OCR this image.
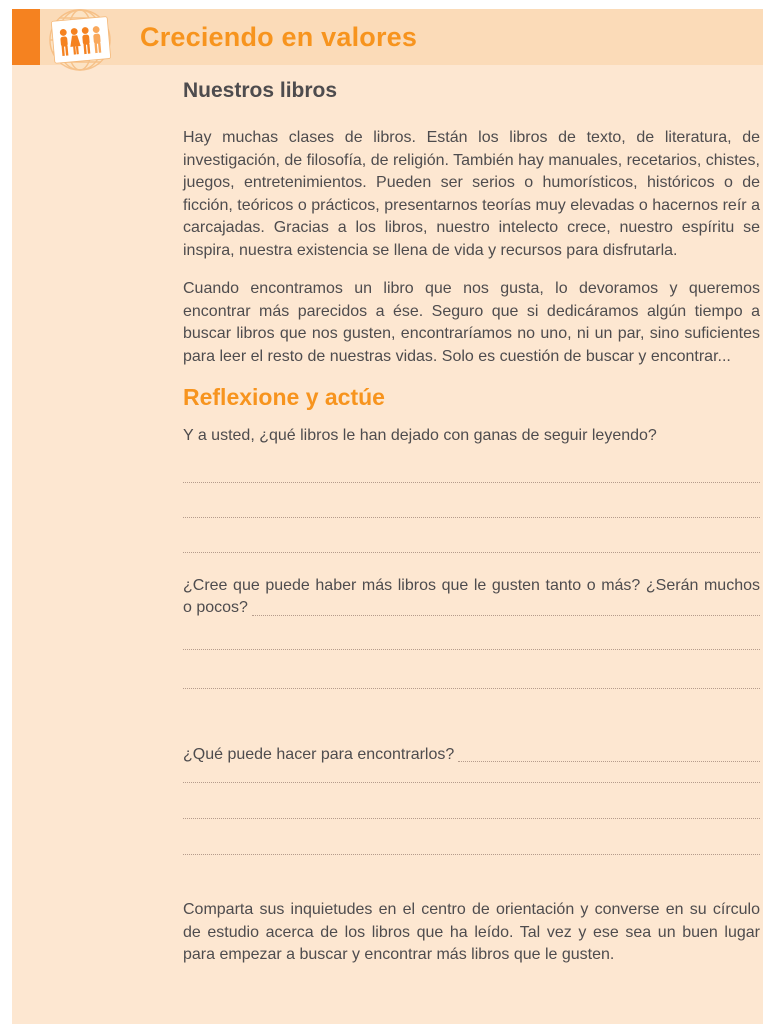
Creciendo en valores
Nuestros libros

Hay muchas clases de libros. Están los libros de texto, de literatura, de investigación, de filosofía, de religión. También hay manuales, recetarios, chistes, juegos, entretenimientos. Pueden ser serios o humorísticos, históricos o de ficción, teóricos o prácticos, presentarnos teorías muy elevadas o hacernos reír a carcajadas. Gracias a los libros, nuestro intelecto crece, nuestro espíritu se inspira, nuestra existencia se llena de vida y recursos para disfrutarla.

Cuando encontramos un libro que nos gusta, lo devoramos y queremos encontrar más parecidos a ése. Seguro que si dedicáramos algún tiempo a buscar libros que nos gusten, encontraríamos no uno, ni un par, sino suficientes para leer el resto de nuestras vidas. Solo es cuestión de buscar y encontrar...

Reflexione y actúe
Y a usted, ¿qué libros le han dejado con ganas de seguir leyendo?
¿Cree que puede haber más libros que le gusten tanto o más? ¿Serán muchos
o pocos?
¿Qué puede hacer para encontrarlos?

Comparta sus inquietudes en el centro de orientación y converse en su círculo de estudio acerca de los libros que ha leído. Tal vez y ese sea un buen lugar para empezar a buscar y encontrar más libros que le gusten.
